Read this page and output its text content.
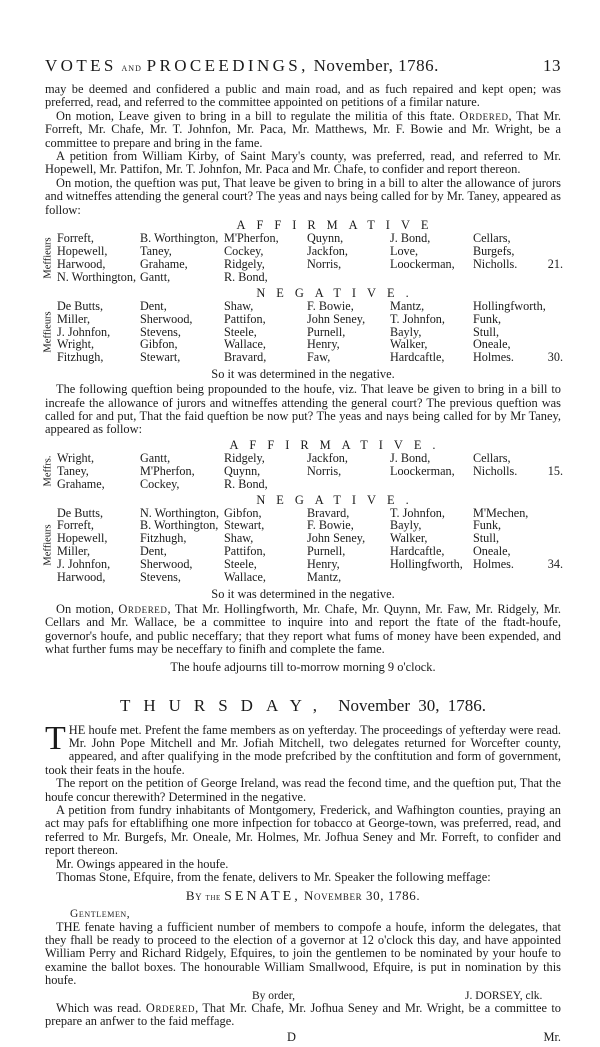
VOTES and PROCEEDINGS, November, 1786.	13

may be deemed and confidered a public and main road, and as fuch repaired and kept open; was preferred, read, and referred to the committee appointed on petitions of a fimilar nature.

On motion, Leave given to bring in a bill to regulate the militia of this ftate. Ordered, That Mr. Forreft, Mr. Chafe, Mr. T. Johnfon, Mr. Paca, Mr. Matthews, Mr. F. Bowie and Mr. Wright, be a committee to prepare and bring in the fame.

A petition from William Kirby, of Saint Mary's county, was preferred, read, and referred to Mr. Hopewell, Mr. Pattifon, Mr. T. Johnfon, Mr. Paca and Mr. Chafe, to confider and report thereon.

On motion, the queftion was put, That leave be given to bring in a bill to alter the allowance of jurors and witneffes attending the general court? The yeas and nays being called for by Mr. Taney, appeared as follow:

AFFIRMATIVE
Meffieurs Forreft,	B. Worthington, M'Pherfon,	Quynn,	J. Bond,	Cellars,
Hopewell,	Taney,	Cockey,	Jackfon,	Love,	Burgefs,
Harwood,	Grahame,	Ridgely,	Norris,	Loockerman,	Nicholls.	21.
N. Worthington, Gantt,	R. Bond,
NEGATIVE.
Meffieurs
De Butts,	Dent,	Shaw,	F. Bowie,	Mantz,	Hollingfworth,
Miller,	Sherwood,	Pattifon,	John Seney,	T. Johnfon,	Funk,
J. Johnfon,	Stevens,	Steele,	Purnell,	Bayly,	Stull,
Wright,	Gibfon,	Wallace,	Henry,	Walker,	Oneale,
Fitzhugh,	Stewart,	Bravard,	Faw,	Hardcaftle,	Holmes.	30.
So it was determined in the negative.

The following queftion being propounded to the houfe, viz. That leave be given to bring in a bill to increafe the allowance of jurors and witneffes attending the general court? The previous queftion was called for and put, That the faid queftion be now put? The yeas and nays being called for by Mr Taney, appeared as follow:

AFFIRMATIVE.
Meffrs. Wright,	Gantt,	Ridgely,	Jackfon,	J. Bond,	Cellars,
Taney,	M'Pherfon,	Quynn,	Norris,	Loockerman,	Nicholls.	15.
Grahame,	Cockey,	R. Bond,
NEGATIVE.
Meffieurs
De Butts,	N. Worthington, Gibfon,	Bravard,	T. Johnfon,	M'Mechen,
Forreft,	B. Worthington, Stewart,	F. Bowie,	Bayly,	Funk,
Hopewell,	Fitzhugh,	Shaw,	John Seney,	Walker,	Stull,
Miller,	Dent,	Pattifon,	Purnell,	Hardcaftle,	Oneale,
J. Johnfon,	Sherwood,	Steele,	Henry,	Hollingfworth, Holmes.	34.
Harwood,	Stevens,	Wallace,	Mantz,
So it was determined in the negative.

On motion, Ordered, That Mr. Hollingfworth, Mr. Chafe, Mr. Quynn, Mr. Faw, Mr. Ridgely, Mr. Cellars and Mr. Wallace, be a committee to inquire into and report the ftate of the ftadt-houfe, governor's houfe, and public neceffary; that they report what fums of money have been expended, and what further fums may be neceffary to finifh and complete the fame.

The houfe adjourns till to-morrow morning 9 o'clock.
THURSDAY, November 30, 1786.

THE houfe met. Prefent the fame members as on yefterday. The proceedings of yefterday were read. Mr. John Pope Mitchell and Mr. Jofiah Mitchell, two delegates returned for Worcefter county, appeared, and after qualifying in the mode prefcribed by the conftitution and form of government, took their feats in the houfe.

The report on the petition of George Ireland, was read the fecond time, and the queftion put, That the houfe concur therewith? Determined in the negative.

A petition from fundry inhabitants of Montgomery, Frederick, and Wafhington counties, praying an act may pafs for eftablifhing one more infpection for tobacco at George-town, was preferred, read, and referred to Mr. Burgefs, Mr. Oneale, Mr. Holmes, Mr. Jofhua Seney and Mr. Forreft, to confider and report thereon.

Mr. Owings appeared in the houfe.

Thomas Stone, Efquire, from the fenate, delivers to Mr. Speaker the following meffage:

By the SENATE, November 30, 1786.
Gentlemen,

THE fenate having a fufficient number of members to compofe a houfe, inform the delegates, that they fhall be ready to proceed to the election of a governor at 12 o'clock this day, and have appointed William Perry and Richard Ridgely, Efquires, to join the gentlemen to be nominated by your houfe to examine the ballot boxes. The honourable William Smallwood, Efquire, is put in nomination by this houfe.

By order,	J. DORSEY, clk.

Which was read. Ordered, That Mr. Chafe, Mr. Jofhua Seney and Mr. Wright, be a committee to prepare an anfwer to the faid meffage.

D	Mr.
